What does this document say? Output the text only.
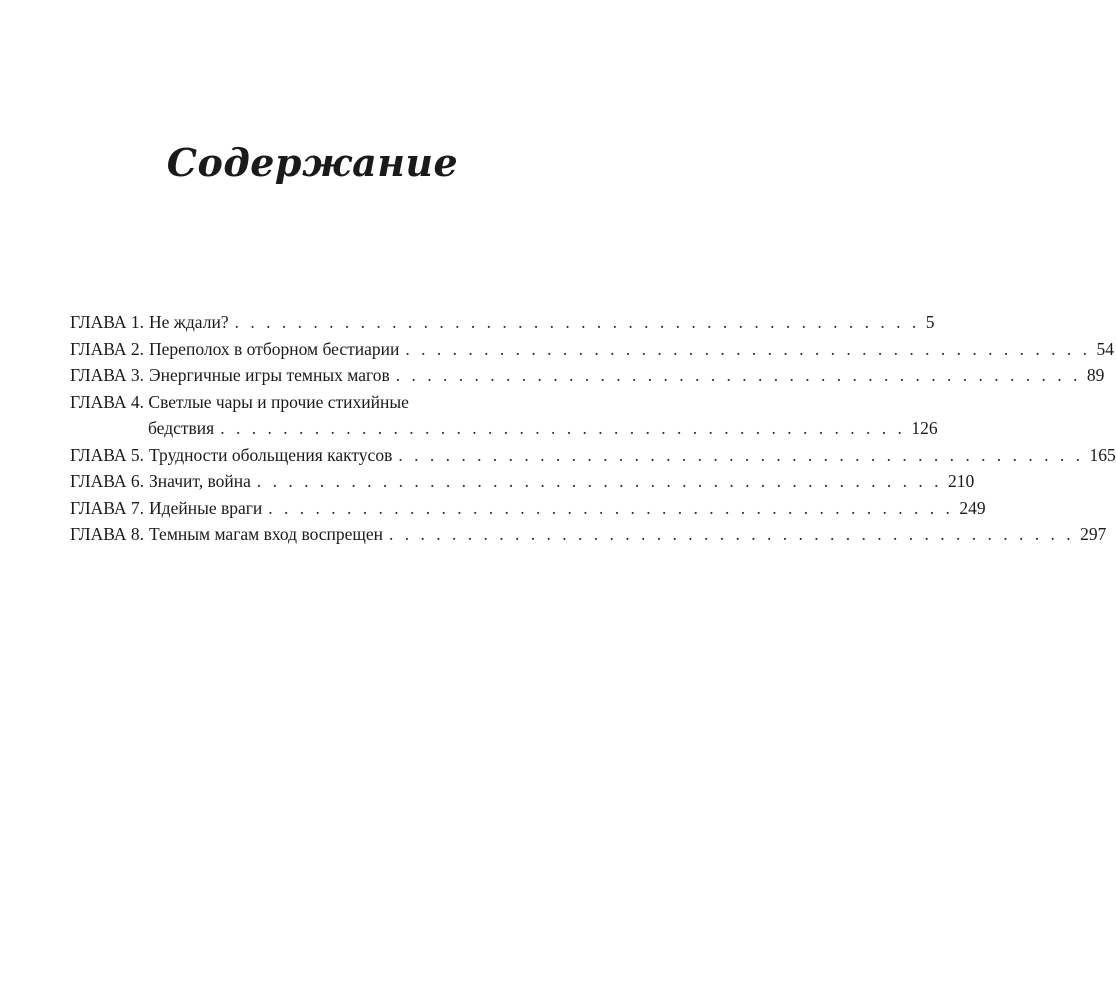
Содержание
ГЛАВА 1. Не ждали? . . . . . . . . . . . . . . . . . . . . . . . . . . . . . . . . . . . . . . . . . . . . 5
ГЛАВА 2. Переполох в отборном бестиарии . . . . . . . . . . . . . . . . . . . . . . . . . . . . . . . . . . . . . . . . . . . . 54
ГЛАВА 3. Энергичные игры темных магов . . . . . . . . . . . . . . . . . . . . . . . . . . . . . . . . . . . . . . . . . . . . 89
ГЛАВА 4. Светлые чары и прочие стихийные
бедствия . . . . . . . . . . . . . . . . . . . . . . . . . . . . . . . . . . . . . . . . . . . . 126
ГЛАВА 5. Трудности обольщения кактусов . . . . . . . . . . . . . . . . . . . . . . . . . . . . . . . . . . . . . . . . . . . . 165
ГЛАВА 6. Значит, война . . . . . . . . . . . . . . . . . . . . . . . . . . . . . . . . . . . . . . . . . . . . 210
ГЛАВА 7. Идейные враги . . . . . . . . . . . . . . . . . . . . . . . . . . . . . . . . . . . . . . . . . . . . 249
ГЛАВА 8. Темным магам вход воспрещен . . . . . . . . . . . . . . . . . . . . . . . . . . . . . . . . . . . . . . . . . . . . 297
